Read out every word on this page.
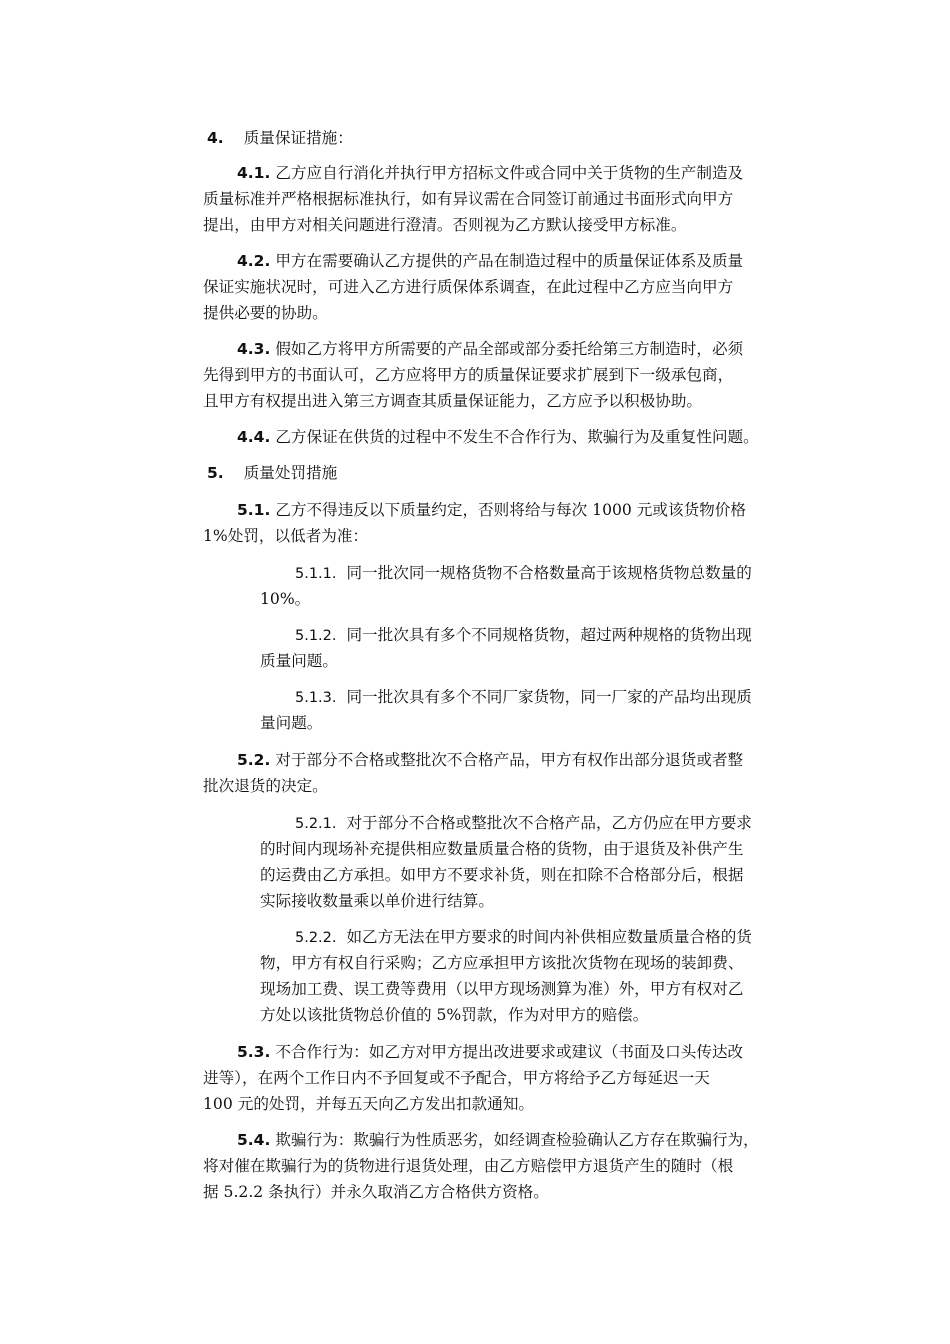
4. 质量保证措施：
4.1. 乙方应自行消化并执行甲方招标文件或合同中关于货物的生产制造及
质量标准并严格根据标准执行，如有异议需在合同签订前通过书面形式向甲方
提出，由甲方对相关问题进行澄清。否则视为乙方默认接受甲方标准。
4.2. 甲方在需要确认乙方提供的产品在制造过程中的质量保证体系及质量
保证实施状况时，可进入乙方进行质保体系调查，在此过程中乙方应当向甲方
提供必要的协助。
4.3. 假如乙方将甲方所需要的产品全部或部分委托给第三方制造时，必须
先得到甲方的书面认可，乙方应将甲方的质量保证要求扩展到下一级承包商，
且甲方有权提出进入第三方调查其质量保证能力，乙方应予以积极协助。
4.4. 乙方保证在供货的过程中不发生不合作行为、欺骗行为及重复性问题。
5. 质量处罚措施
5.1. 乙方不得违反以下质量约定，否则将给与每次 1000 元或该货物价格
1%处罚，以低者为准：
5.1.1. 同一批次同一规格货物不合格数量高于该规格货物总数量的
10%。
5.1.2. 同一批次具有多个不同规格货物，超过两种规格的货物出现
质量问题。
5.1.3. 同一批次具有多个不同厂家货物，同一厂家的产品均出现质
量问题。
5.2. 对于部分不合格或整批次不合格产品，甲方有权作出部分退货或者整
批次退货的决定。
5.2.1. 对于部分不合格或整批次不合格产品，乙方仍应在甲方要求
的时间内现场补充提供相应数量质量合格的货物，由于退货及补供产生
的运费由乙方承担。如甲方不要求补货，则在扣除不合格部分后，根据
实际接收数量乘以单价进行结算。
5.2.2. 如乙方无法在甲方要求的时间内补供相应数量质量合格的货
物，甲方有权自行采购；乙方应承担甲方该批次货物在现场的装卸费、
现场加工费、误工费等费用（以甲方现场测算为准）外，甲方有权对乙
方处以该批货物总价值的 5%罚款，作为对甲方的赔偿。
5.3. 不合作行为：如乙方对甲方提出改进要求或建议（书面及口头传达改
进等），在两个工作日内不予回复或不予配合，甲方将给予乙方每延迟一天
100 元的处罚，并每五天向乙方发出扣款通知。
5.4. 欺骗行为：欺骗行为性质恶劣，如经调查检验确认乙方存在欺骗行为，
将对催在欺骗行为的货物进行退货处理，由乙方赔偿甲方退货产生的随时（根
据 5.2.2 条执行）并永久取消乙方合格供方资格。
